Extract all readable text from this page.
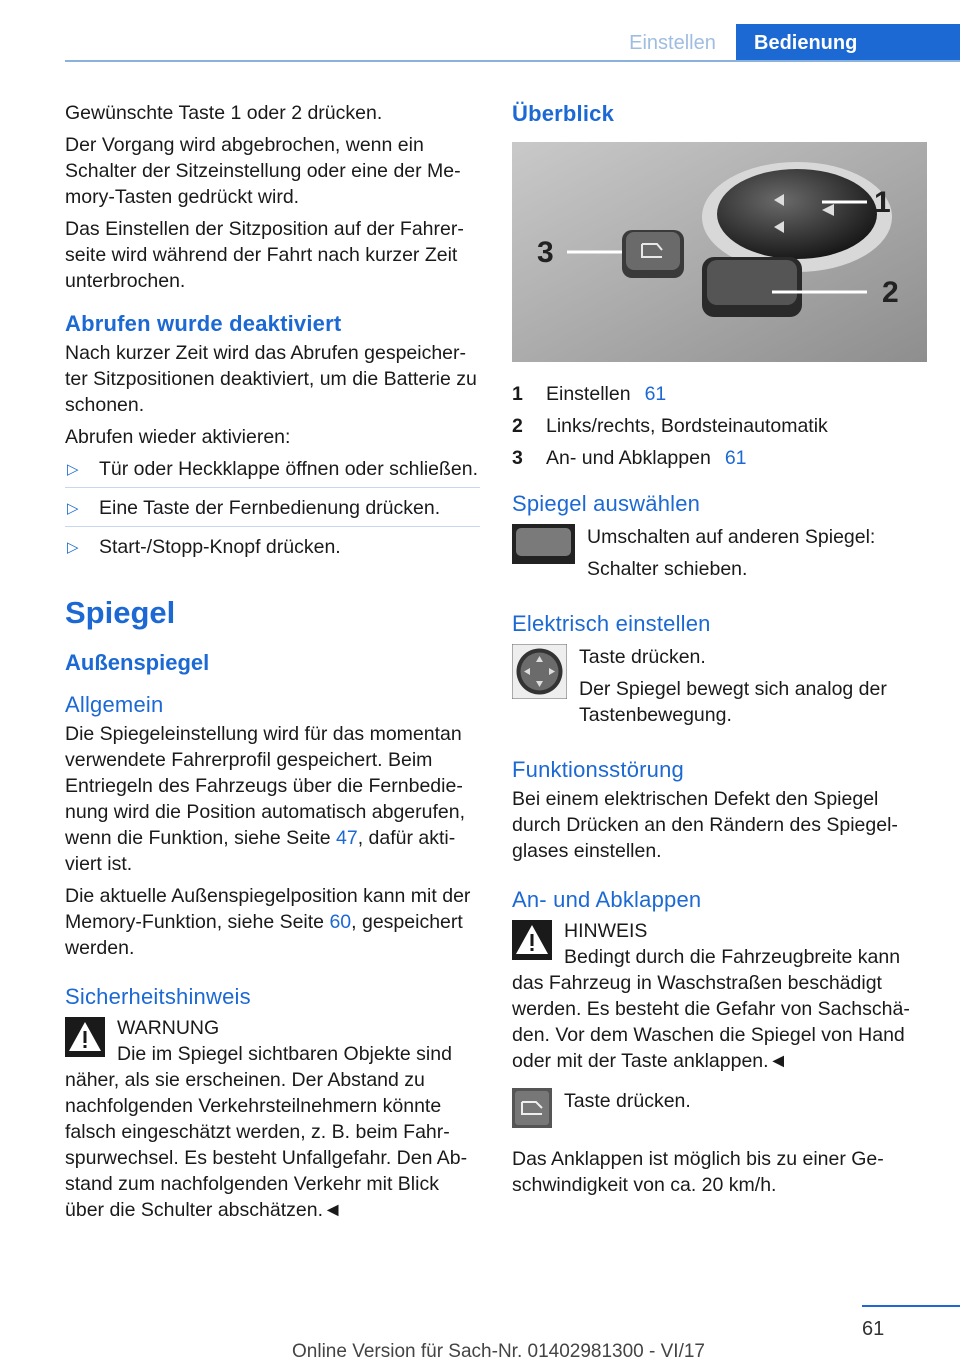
Einstellen	Bedienung

Gewünschte Taste 1 oder 2 drücken.

Der Vorgang wird abgebrochen, wenn ein Schalter der Sitzeinstellung oder eine der Memory-Tasten gedrückt wird.

Das Einstellen der Sitzposition auf der Fahrerseite wird während der Fahrt nach kurzer Zeit unterbrochen.

Abrufen wurde deaktiviert

Nach kurzer Zeit wird das Abrufen gespeicherter Sitzpositionen deaktiviert, um die Batterie zu schonen.

Abrufen wieder aktivieren:

▷ Tür oder Heckklappe öffnen oder schließen.
▷ Eine Taste der Fernbedienung drücken.
▷ Start-/Stopp-Knopf drücken.
Spiegel
Außenspiegel
Allgemein

Die Spiegeleinstellung wird für das momentan verwendete Fahrerprofil gespeichert. Beim Entriegeln des Fahrzeugs über die Fernbedienung wird die Position automatisch abgerufen, wenn die Funktion, siehe Seite 47, dafür aktiviert ist.

Die aktuelle Außenspiegelposition kann mit der Memory-Funktion, siehe Seite 60, gespeichert werden.

Sicherheitshinweis
WARNUNG
Die im Spiegel sichtbaren Objekte sind näher, als sie erscheinen. Der Abstand zu nachfolgenden Verkehrsteilnehmern könnte falsch eingeschätzt werden, z. B. beim Fahrspurwechsel. Es besteht Unfallgefahr. Den Abstand zum nachfolgenden Verkehr mit Blick über die Schulter abschätzen.◄
Überblick
1
2
3
1	Einstellen 61
2	Links/rechts, Bordsteinautomatik
3	An- und Abklappen 61
Spiegel auswählen

Umschalten auf anderen Spiegel:

Schalter schieben.

Elektrisch einstellen

Taste drücken.

Der Spiegel bewegt sich analog der Tastenbewegung.

Funktionsstörung

Bei einem elektrischen Defekt den Spiegel durch Drücken an den Rändern des Spiegelglases einstellen.

An- und Abklappen
HINWEIS
Bedingt durch die Fahrzeugbreite kann das Fahrzeug in Waschstraßen beschädigt werden. Es besteht die Gefahr von Sachschäden. Vor dem Waschen die Spiegel von Hand oder mit der Taste anklappen.◄

Taste drücken.

Das Anklappen ist möglich bis zu einer Geschwindigkeit von ca. 20 km/h.

61
Online Version für Sach-Nr. 01402981300 - VI/17
